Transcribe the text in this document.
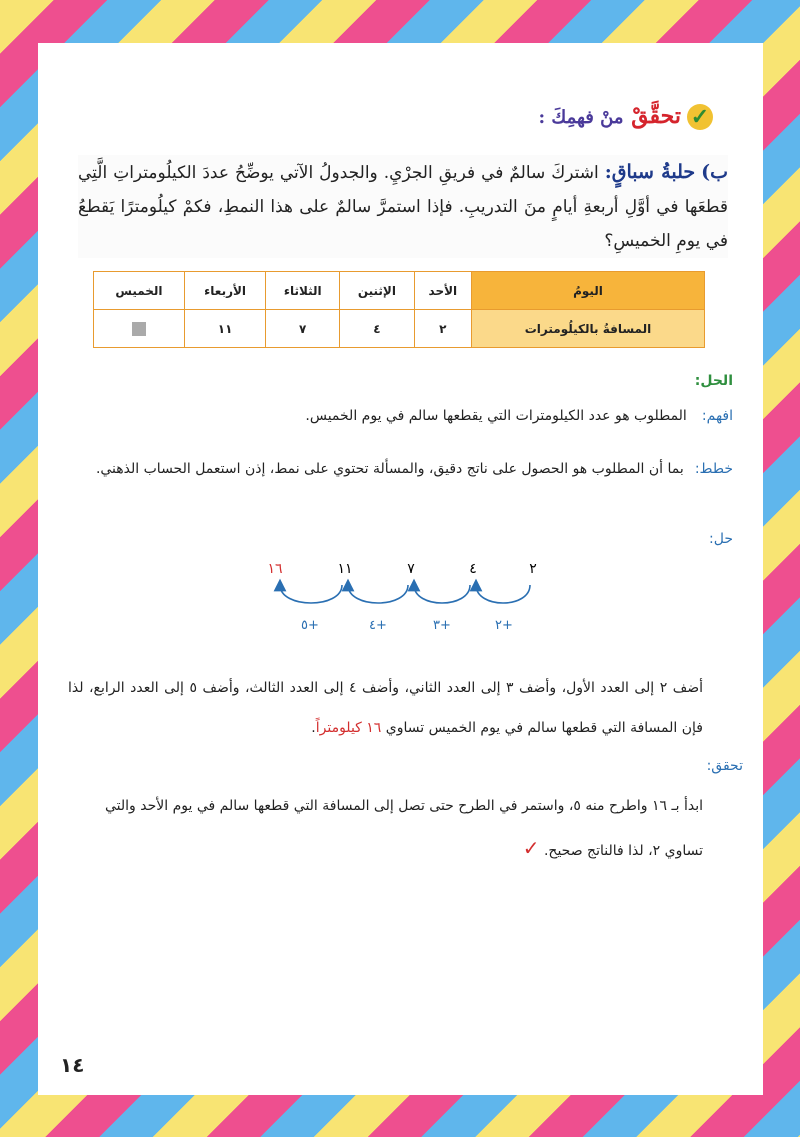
✓تحقَّقْ منْ فهمِكَ :
ب) حلبةُ سباقٍ: اشتركَ سالمٌ في فريقِ الجرْيِ. والجدولُ الآتي يوضِّحُ عددَ الكيلُومتراتِ الَّتِي قطعَها في أوَّلِ أربعةِ أيامٍ منَ التدريبِ. فإذا استمرَّ سالمٌ على هذا النمطِ، فكمْ كيلُومترًا يَقطعُ في يومِ الخميسِ؟
اليومُ	الأحد	الإثنين	الثلاثاء	الأربعاء	الخميس
المسافةُ بالكيلُومترات	٢	٤	٧	١١	
الحل:
افهم: المطلوب هو عدد الكيلومترات التي يقطعها سالم في يوم الخميس.
خطط: بما أن المطلوب هو الحصول على ناتج دقيق، والمسألة تحتوي على نمط، إذن استعمل الحساب الذهني.
حل:
٢
٤
٧
١١
١٦
٢+
٣+
٤+
٥+
أضف ٢ إلى العدد الأول، وأضف ٣ إلى العدد الثاني، وأضف ٤ إلى العدد الثالث، وأضف ٥ إلى العدد الرابع، لذا فإن المسافة التي قطعها سالم في يوم الخميس تساوي ١٦ كيلومتراً.
تحقق:
ابدأ بـ ١٦ واطرح منه ٥، واستمر في الطرح حتى تصل إلى المسافة التي قطعها سالم في يوم الأحد والتي تساوي ٢، لذا فالناتج صحيح. ✓
١٤
